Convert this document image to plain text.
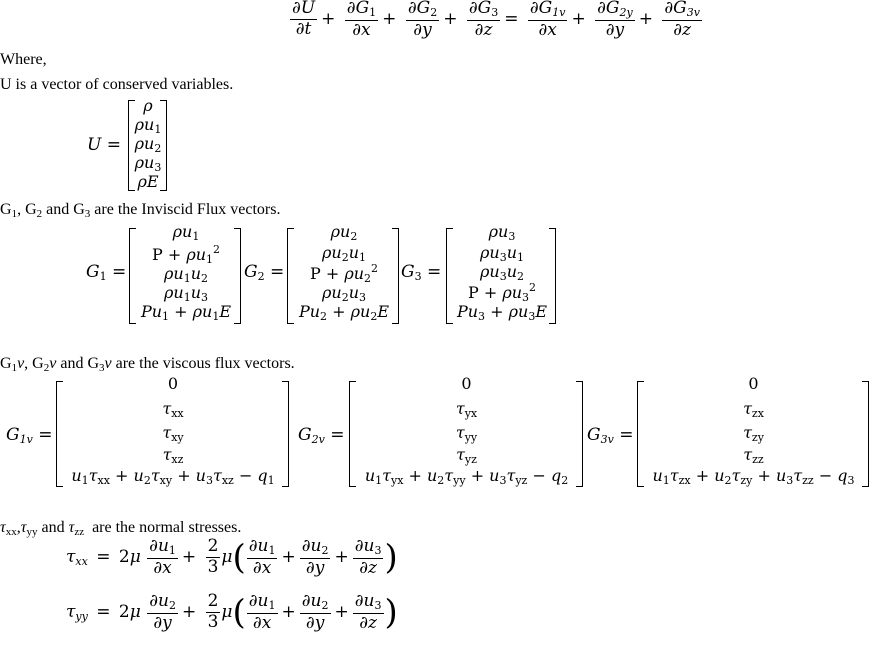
$\frac{\partial U}{\partial t} + \frac{\partial G_1}{\partial x} + \frac{\partial G_2}{\partial y} + \frac{\partial G_3}{\partial z} = \frac{\partial G1v}{\partial x} + \frac{\partial G2y}{\partial y} + \frac{\partial G3v}{\partial z}$
Where,
U is a vector of conserved variables.
U =
ρ
$\rho u_1$
$\rho u_2$
$\rho u_3$
ρE
$G_1$, $G_2$ and $G_3$ are the Inviscid Flux vectors.
$G_1$ =
$\rho u_1$
$P + \rho u_1^2$
$\rho u_1u_2$
$\rho u_1u_3$
$Pu_1 + \rho u_1E$
$G_2$ =
$\rho u_2$
$\rho u_2u_1$
$P + \rho u_2^2$
$\rho u_2u_3$
$Pu_2 + \rho u_2E$
$G_3$ =
$\rho u_3$
$\rho u_3u_1$
$\rho u_3u_2$
$P + \rho u_3^2$
$Pu_3 + \rho u_3E$
$G_1v$, $G_2v$ and $G_3v$ are the viscous flux vectors.
G1v =
0
$\tau_{xx}$
$\tau_{xy}$
$\tau_{xz}$
$u_1\tau_{xx} + u_2\tau_{xy} + u_3\tau_{xz} - q_1$
G2v =
0
$\tau_{yx}$
$\tau_{yy}$
$\tau_{yz}$
$u_1\tau_{yx} + u_2\tau_{yy} + u_3\tau_{yz} - q_2$
G3v =
0
$\tau_{zx}$
$\tau_{zy}$
$\tau_{zz}$
$u_1\tau_{zx} + u_2\tau_{zy} + u_3\tau_{zz} - q_3$
$\tau_{xx},\tau_{yy}$ and $\tau_{zz}$ are the normal stresses.
$\tau xx = 2\mu \frac{\partial u_1}{\partial x} + \frac{2}{3} \mu( \frac{\partial u_1}{\partial x} + \frac{\partial u_2}{\partial y} + \frac{\partial u_3}{\partial z}$ )
$\tau yy = 2\mu \frac{\partial u_2}{\partial y} + \frac{2}{3} \mu( \frac{\partial u_1}{\partial x} + \frac{\partial u_2}{\partial y} + \frac{\partial u_3}{\partial z}$ )
